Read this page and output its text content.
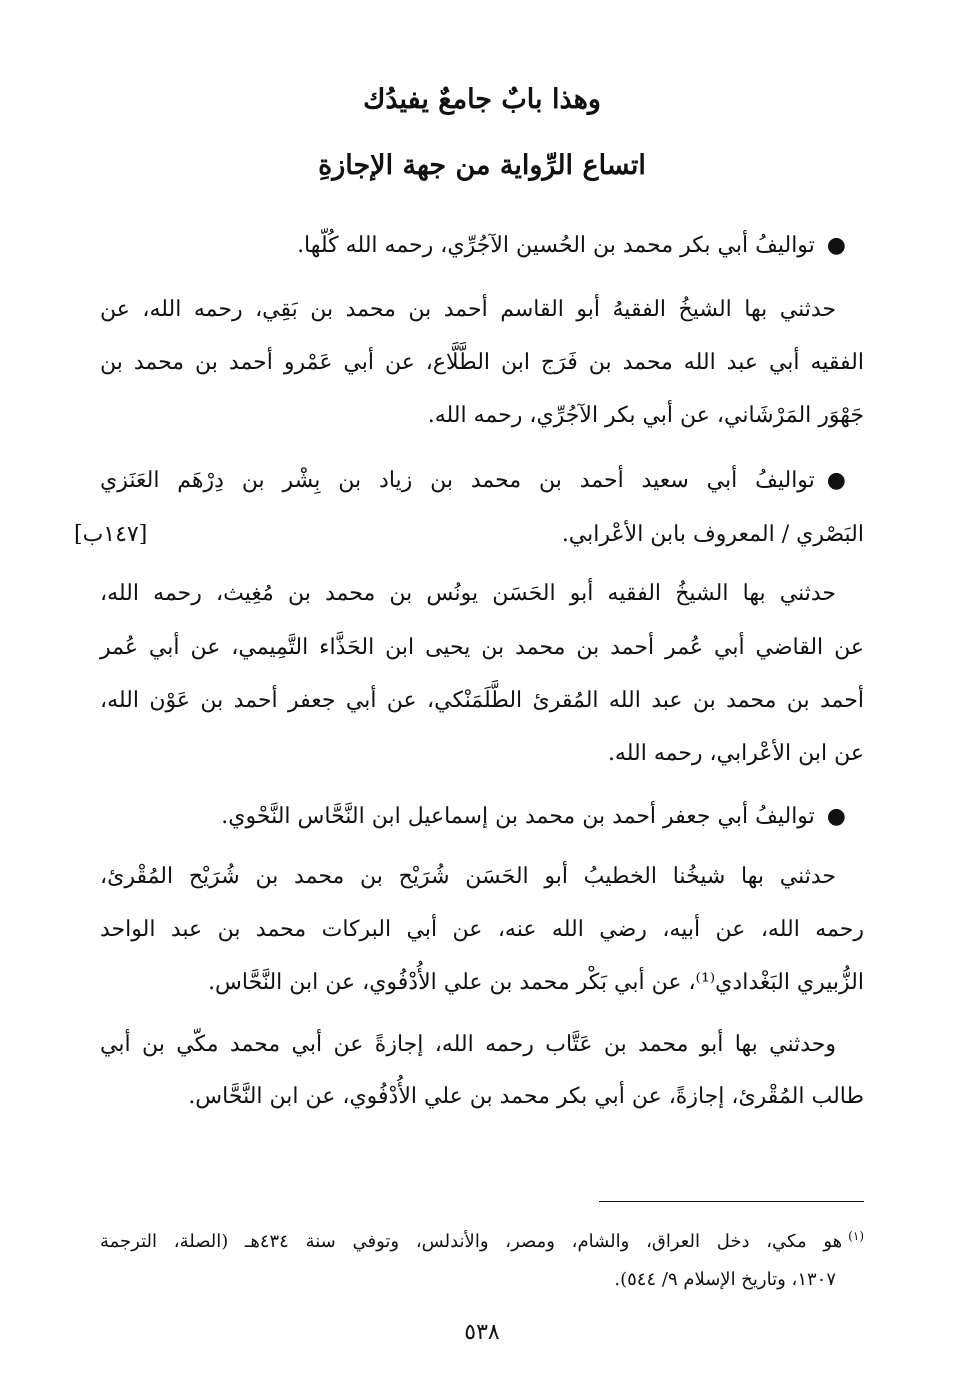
وهذا بابٌ جامعٌ يفيدُك
اتساع الرِّواية من جهة الإجازةِ
●تواليفُ أبي بكر محمد بن الحُسين الآجُرِّي، رحمه الله كُلّها.
حدثني بها الشيخُ الفقيهُ أبو القاسم أحمد بن محمد بن بَقِي، رحمه الله، عن
الفقيه أبي عبد الله محمد بن فَرَج ابن الطَّلَّاع، عن أبي عَمْرو أحمد بن محمد بن
جَهْوَر المَرْشَاني، عن أبي بكر الآجُرِّي، رحمه الله.
●تواليفُ أبي سعيد أحمد بن محمد بن زياد بن بِشْر بن دِرْهَم العَنَزي
البَصْري / المعروف بابن الأعْرابي.
[١٤٧ب]
حدثني بها الشيخُ الفقيه أبو الحَسَن يونُس بن محمد بن مُغِيث، رحمه الله،
عن القاضي أبي عُمر أحمد بن محمد بن يحيى ابن الحَذَّاء التَّمِيمي، عن أبي عُمر
أحمد بن محمد بن عبد الله المُقرئ الطَّلَمَنْكي، عن أبي جعفر أحمد بن عَوْن الله،
عن ابن الأعْرابي، رحمه الله.
●تواليفُ أبي جعفر أحمد بن محمد بن إسماعيل ابن النَّحَّاس النَّحْوي.
حدثني بها شيخُنا الخطيبُ أبو الحَسَن شُرَيْح بن محمد بن شُرَيْح المُقْرئ،
رحمه الله، عن أبيه، رضي الله عنه، عن أبي البركات محمد بن عبد الواحد
الزُّبيري البَغْدادي⁽¹⁾، عن أبي بَكْر محمد بن علي الأُدْفُوي، عن ابن النَّحَّاس.
وحدثني بها أبو محمد بن عَتَّاب رحمه الله، إجازةً عن أبي محمد مكّي بن أبي
طالب المُقْرئ، إجازةً، عن أبي بكر محمد بن علي الأُدْفُوي، عن ابن النَّحَّاس.
$^{(١)}$هو مكي، دخل العراق، والشام، ومصر، والأندلس، وتوفي سنة ٤٣٤هـ (الصلة، الترجمة
١٣٠٧، وتاريخ الإسلام ٩/ ٥٤٤).
٥٣٨
